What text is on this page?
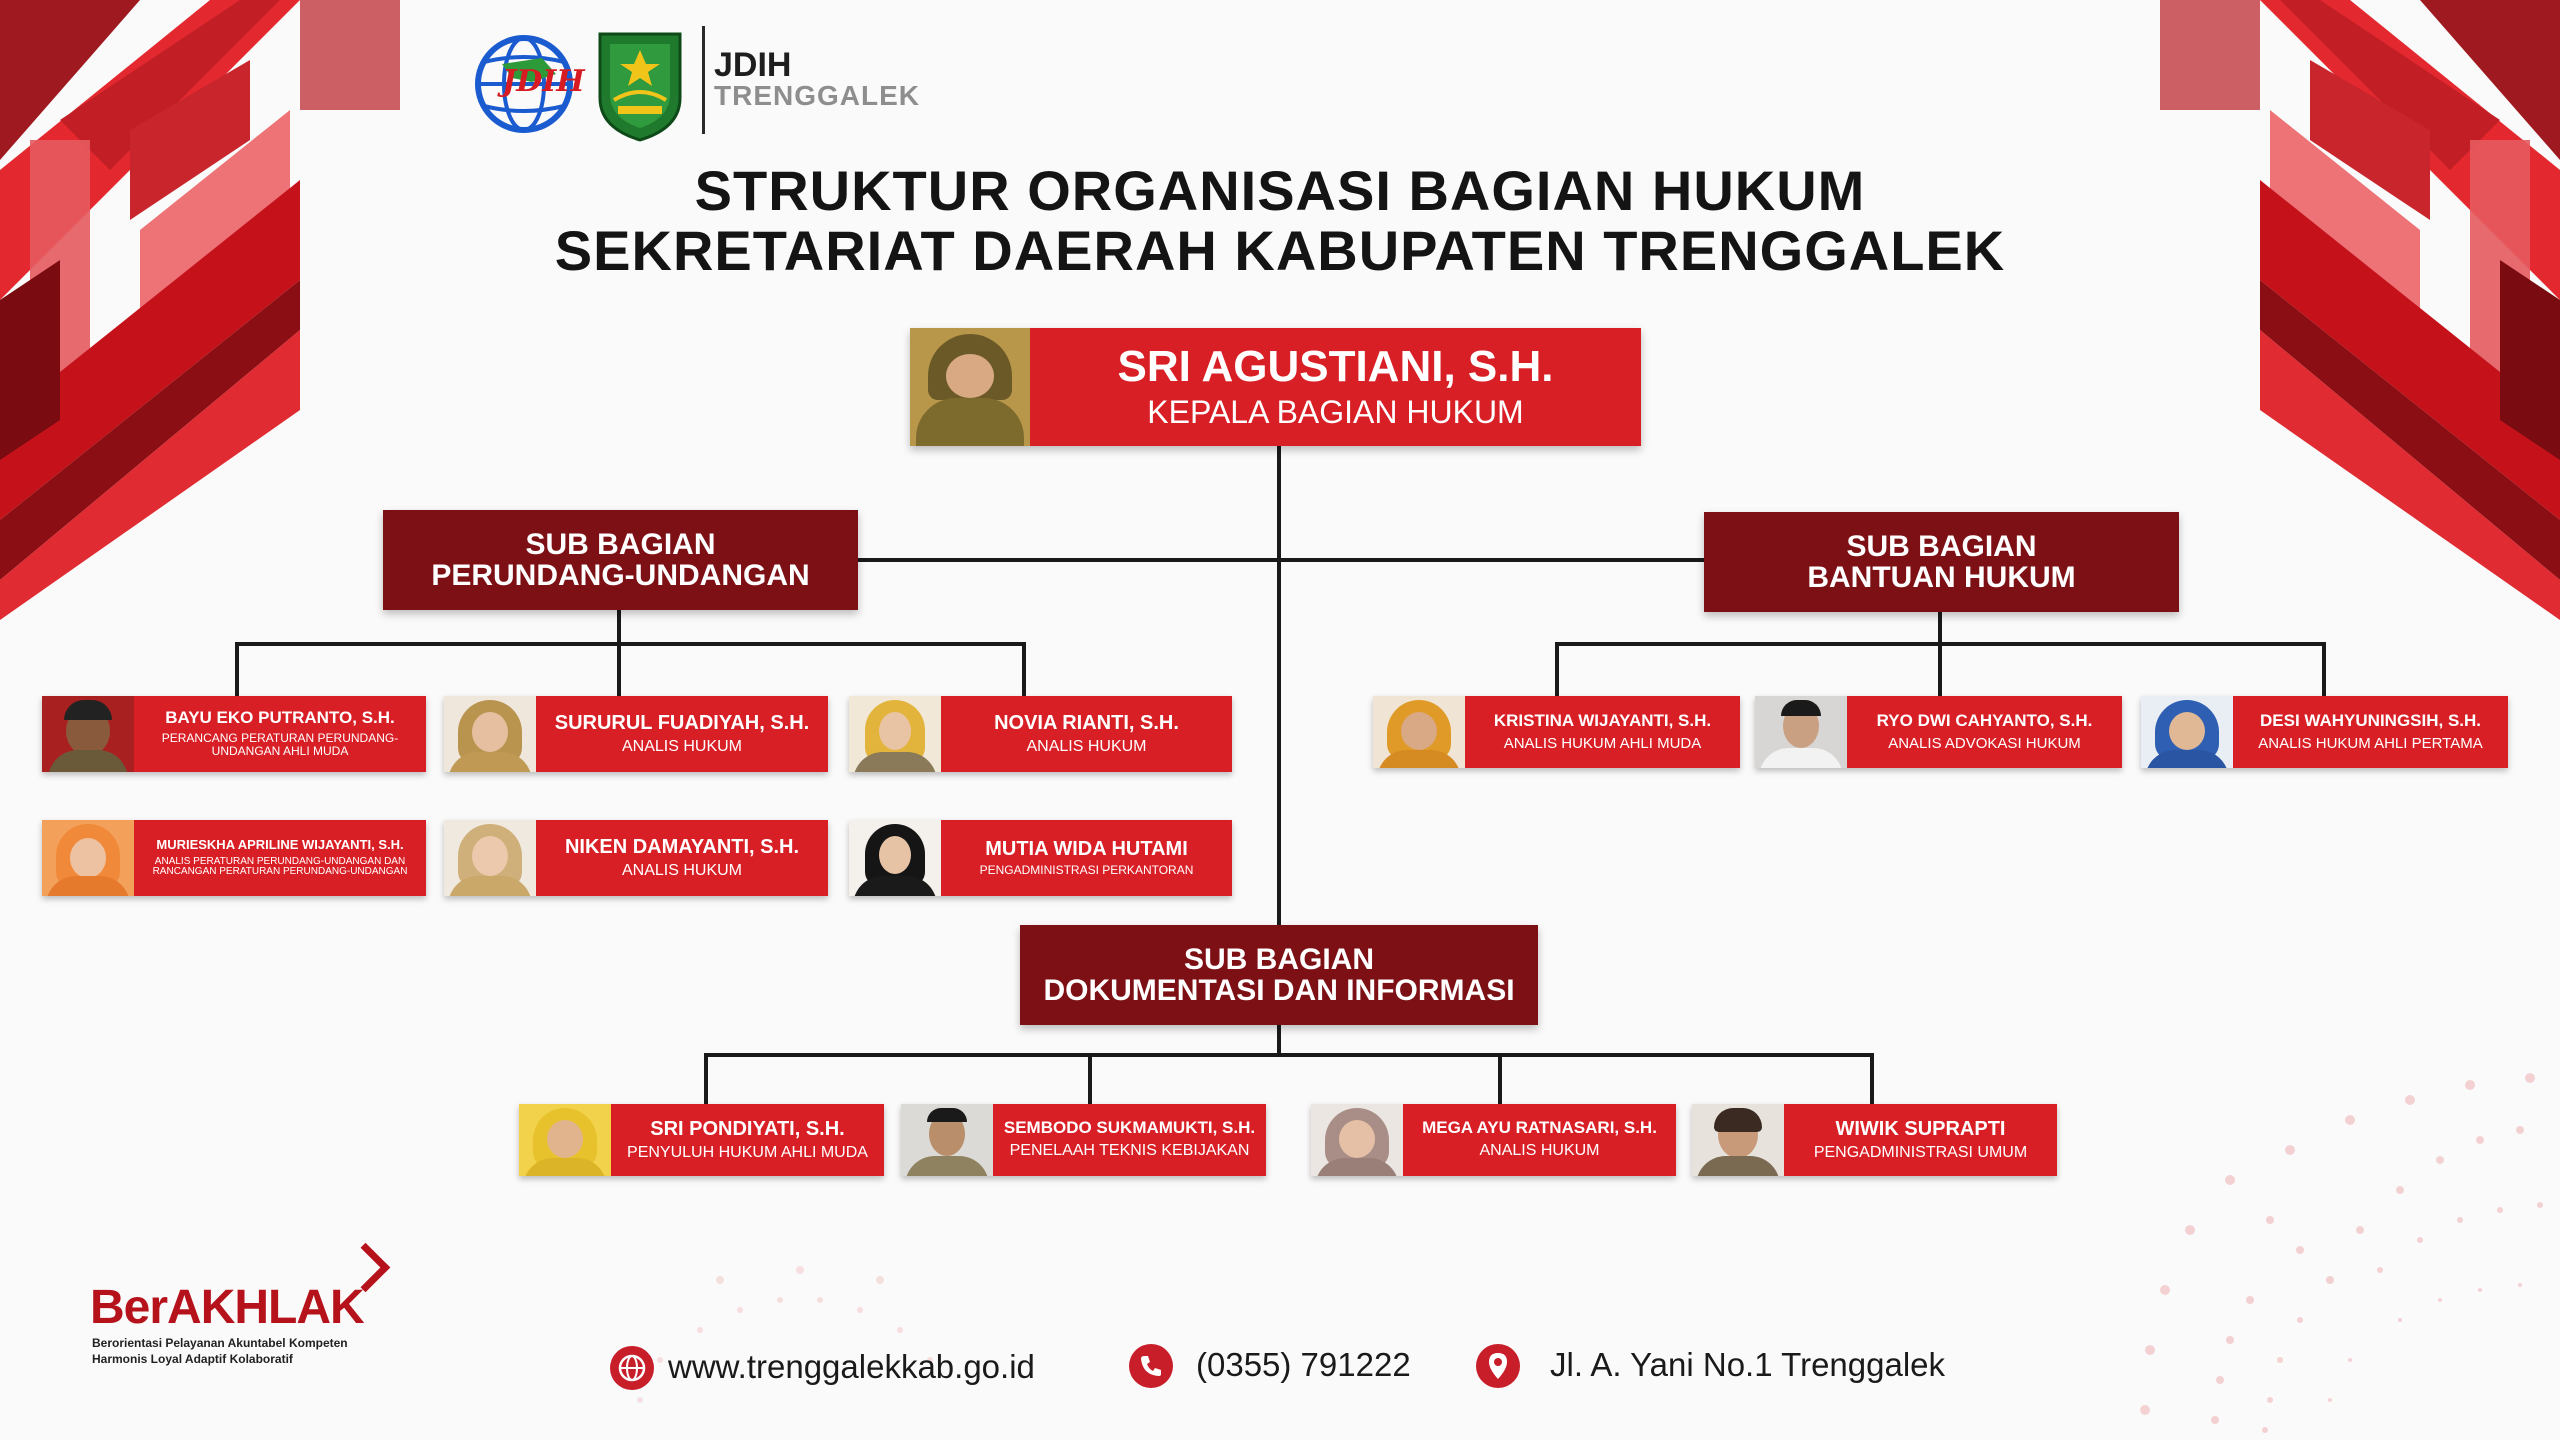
JDIH	JDIH
TRENGGALEK
STRUKTUR ORGANISASI BAGIAN HUKUM
SEKRETARIAT DAERAH KABUPATEN TRENGGALEK
SRI AGUSTIANI, S.H.
KEPALA BAGIAN HUKUM
SUB BAGIAN
PERUNDANG-UNDANGAN
SUB BAGIAN
BANTUAN HUKUM
SUB BAGIAN
DOKUMENTASI DAN INFORMASI
BAYU EKO PUTRANTO, S.H.
PERANCANG PERATURAN PERUNDANG-UNDANGAN AHLI MUDA
SURURUL FUADIYAH, S.H.
ANALIS HUKUM
NOVIA RIANTI, S.H.
ANALIS HUKUM
MURIESKHA APRILINE WIJAYANTI, S.H.
ANALIS PERATURAN PERUNDANG-UNDANGAN DAN RANCANGAN PERATURAN PERUNDANG-UNDANGAN
NIKEN DAMAYANTI, S.H.
ANALIS HUKUM
MUTIA WIDA HUTAMI
PENGADMINISTRASI PERKANTORAN
KRISTINA WIJAYANTI, S.H.
ANALIS HUKUM AHLI MUDA
RYO DWI CAHYANTO, S.H.
ANALIS ADVOKASI HUKUM
DESI WAHYUNINGSIH, S.H.
ANALIS HUKUM AHLI PERTAMA
SRI PONDIYATI, S.H.
PENYULUH HUKUM AHLI MUDA
SEMBODO SUKMAMUKTI, S.H.
PENELAAH TEKNIS KEBIJAKAN
MEGA AYU RATNASARI, S.H.
ANALIS HUKUM
WIWIK SUPRAPTI
PENGADMINISTRASI UMUM
BerAKHLAK
Berorientasi Pelayanan Akuntabel Kompeten
Harmonis Loyal Adaptif Kolaboratif	www.trenggalekkab.go.id	(0355) 791222	Jl. A. Yani No.1 Trenggalek
